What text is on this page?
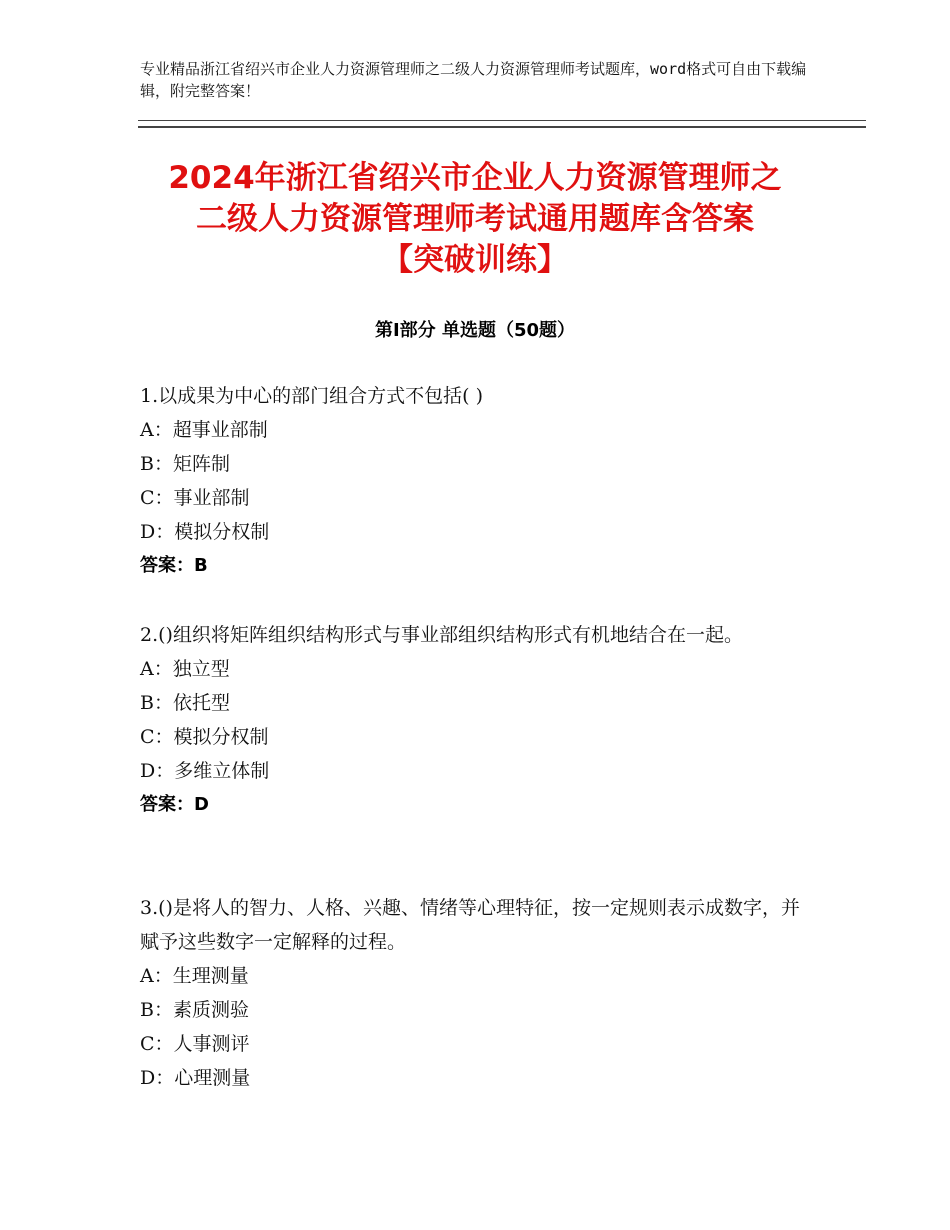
专业精品浙江省绍兴市企业人力资源管理师之二级人力资源管理师考试题库，word格式可自由下载编辑，附完整答案！
2024年浙江省绍兴市企业人力资源管理师之
二级人力资源管理师考试通用题库含答案
【突破训练】
第Ⅰ部分 单选题（50题）
1.以成果为中心的部门组合方式不包括( )
A：超事业部制
B：矩阵制
C：事业部制
D：模拟分权制
答案：B
2.()组织将矩阵组织结构形式与事业部组织结构形式有机地结合在一起。
A：独立型
B：依托型
C：模拟分权制
D：多维立体制
答案：D
3.()是将人的智力、人格、兴趣、情绪等心理特征，按一定规则表示成数字，并赋予这些数字一定解释的过程。
A：生理测量
B：素质测验
C：人事测评
D：心理测量
